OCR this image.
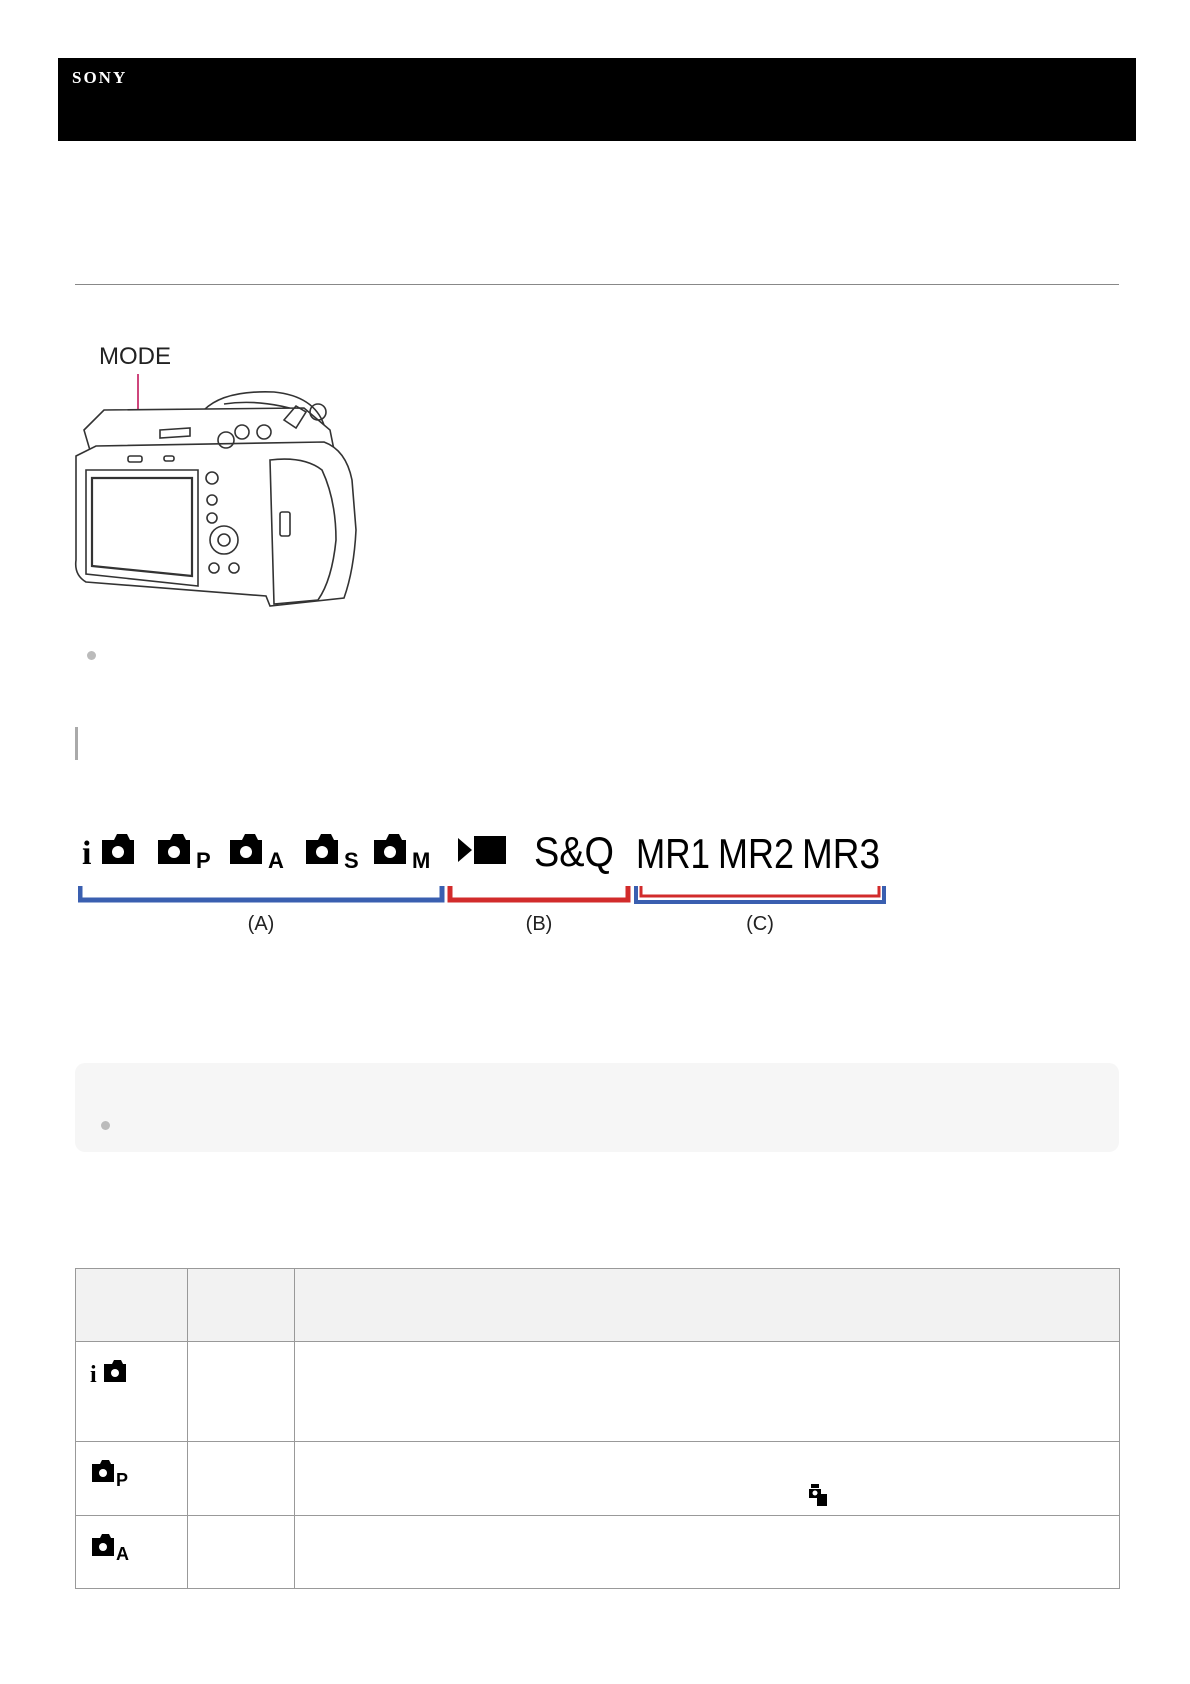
SONY
MODE
i	P	A	S M S&Q MR1 MR2 MR3
(A)	(B)	(C)

i		

P

A		
